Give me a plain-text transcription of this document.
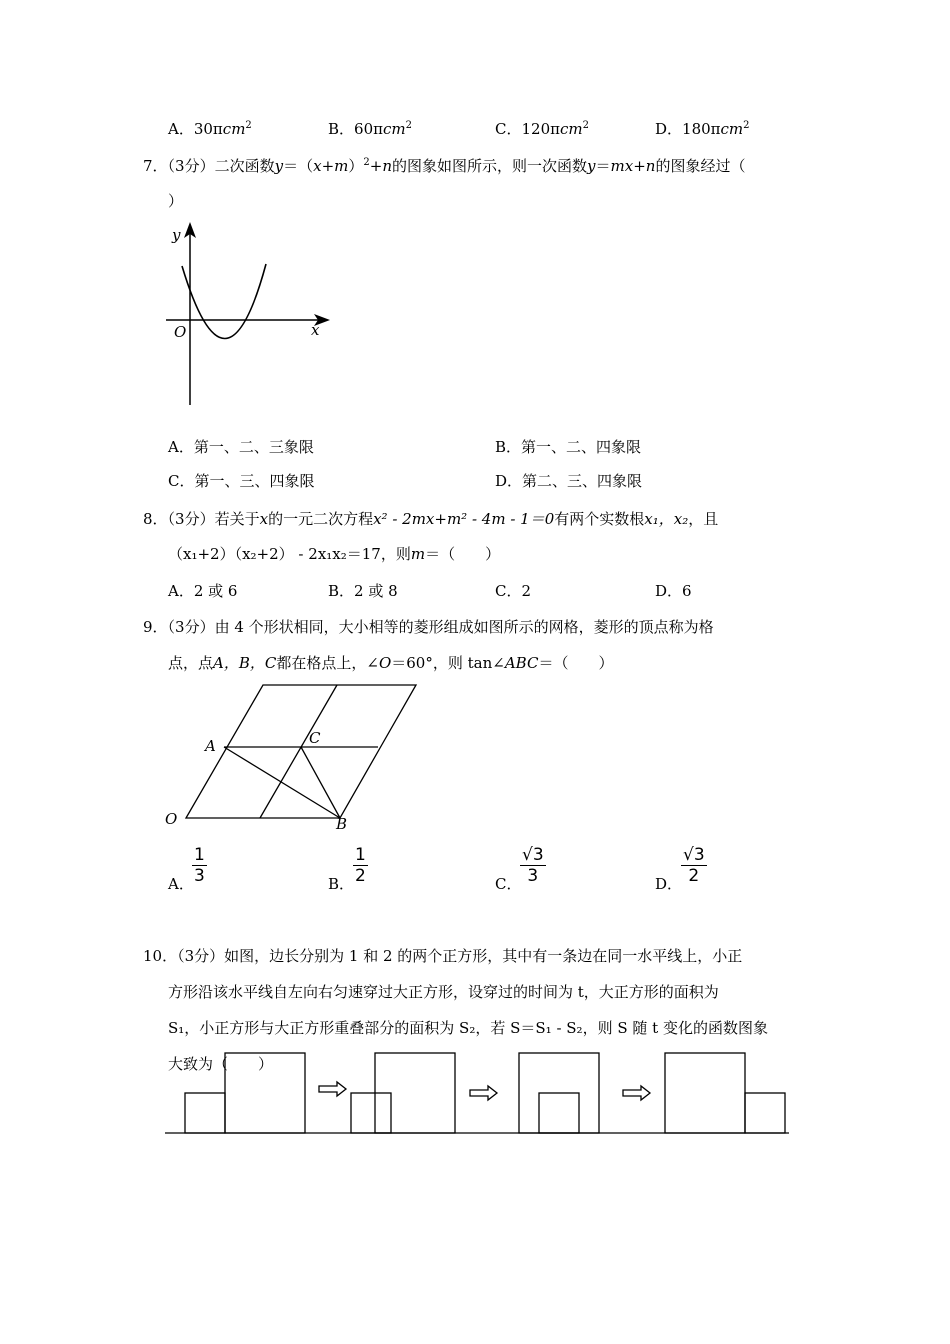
A．30πcm$^2$	B．60πcm$^2$	C．120πcm$^2$	D．180πcm$^2$
7．（3分）二次函数$y=(x+m)^2+n$的图象如图所示，则一次函数y＝mx+n的图象经过（
）
y
x
O
A．第一、二、三象限	B．第一、二、四象限
C．第一、三、四象限	D．第二、三、四象限
8．（3分）若关于x的一元二次方程x² - 2mx+m² - 4m - 1＝0有两个实数根x₁，x₂，且
（x₁+2）（x₂+2） - 2x₁x₂＝17，则m＝（　　）
A．2 或 6	B．2 或 8	C．2	D．6
9．（3分）由 4 个形状相同，大小相等的菱形组成如图所示的网格，菱形的顶点称为格
点，点A，B，C都在格点上，∠O＝60°，则 tan∠ABC＝（　　）
A	C
O	B
A．
$\frac{1}{3}$	B．
$\frac{1}{2}$	C．
$\frac{√3}{3}$	D．
$\frac{√3}{2}$
10．（3分）如图，边长分别为 1 和 2 的两个正方形，其中有一条边在同一水平线上，小正
方形沿该水平线自左向右匀速穿过大正方形，设穿过的时间为 t，大正方形的面积为
S₁，小正方形与大正方形重叠部分的面积为 S₂，若 S＝S₁ - S₂，则 S 随 t 变化的函数图象
大致为（　　）
